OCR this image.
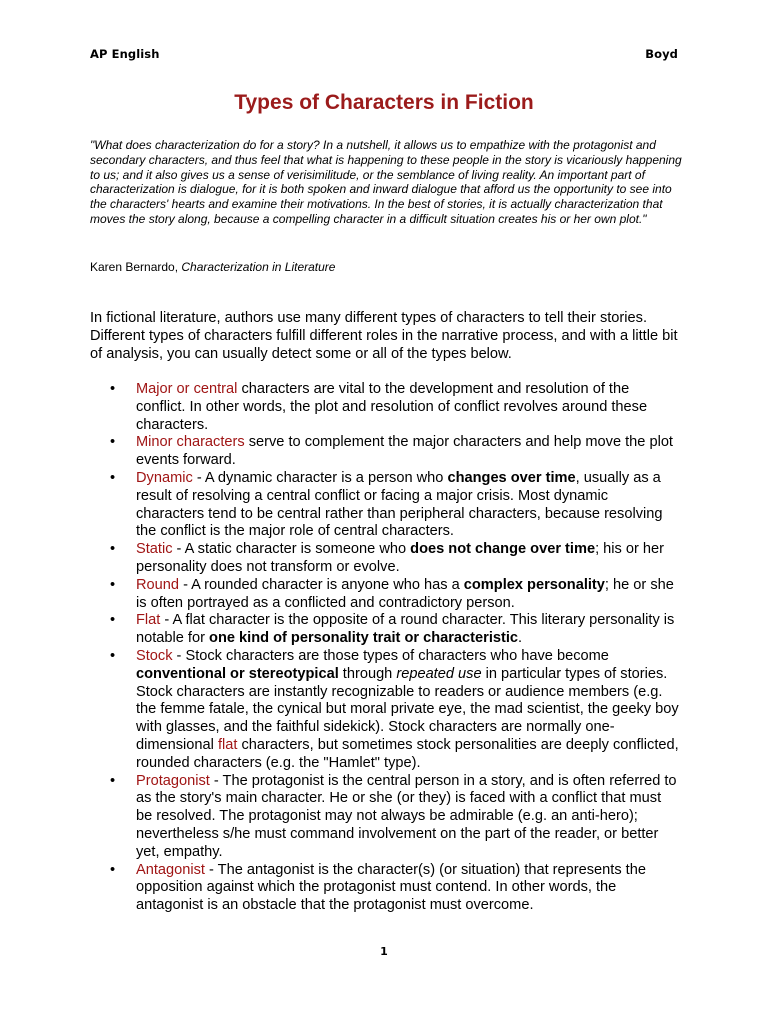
AP English	Boyd
Types of Characters in Fiction

"What does characterization do for a story? In a nutshell, it allows us to empathize with the protagonist and secondary characters, and thus feel that what is happening to these people in the story is vicariously happening to us; and it also gives us a sense of verisimilitude, or the semblance of living reality. An important part of characterization is dialogue, for it is both spoken and inward dialogue that afford us the opportunity to see into the characters' hearts and examine their motivations. In the best of stories, it is actually characterization that moves the story along, because a compelling character in a difficult situation creates his or her own plot."

Karen Bernardo, Characterization in Literature

In fictional literature, authors use many different types of characters to tell their stories. Different types of characters fulfill different roles in the narrative process, and with a little bit of analysis, you can usually detect some or all of the types below.

• Major or central characters are vital to the development and resolution of the conflict. In other words, the plot and resolution of conflict revolves around these characters.
• Minor characters serve to complement the major characters and help move the plot events forward.
• Dynamic - A dynamic character is a person who changes over time, usually as a result of resolving a central conflict or facing a major crisis. Most dynamic characters tend to be central rather than peripheral characters, because resolving the conflict is the major role of central characters.
• Static - A static character is someone who does not change over time; his or her personality does not transform or evolve.
• Round - A rounded character is anyone who has a complex personality; he or she is often portrayed as a conflicted and contradictory person.
• Flat - A flat character is the opposite of a round character. This literary personality is notable for one kind of personality trait or characteristic.
• Stock - Stock characters are those types of characters who have become conventional or stereotypical through repeated use in particular types of stories. Stock characters are instantly recognizable to readers or audience members (e.g. the femme fatale, the cynical but moral private eye, the mad scientist, the geeky boy with glasses, and the faithful sidekick). Stock characters are normally one-dimensional flat characters, but sometimes stock personalities are deeply conflicted, rounded characters (e.g. the "Hamlet" type).
• Protagonist - The protagonist is the central person in a story, and is often referred to as the story's main character. He or she (or they) is faced with a conflict that must be resolved. The protagonist may not always be admirable (e.g. an anti-hero); nevertheless s/he must command involvement on the part of the reader, or better yet, empathy.
• Antagonist - The antagonist is the character(s) (or situation) that represents the opposition against which the protagonist must contend. In other words, the antagonist is an obstacle that the protagonist must overcome.
1
